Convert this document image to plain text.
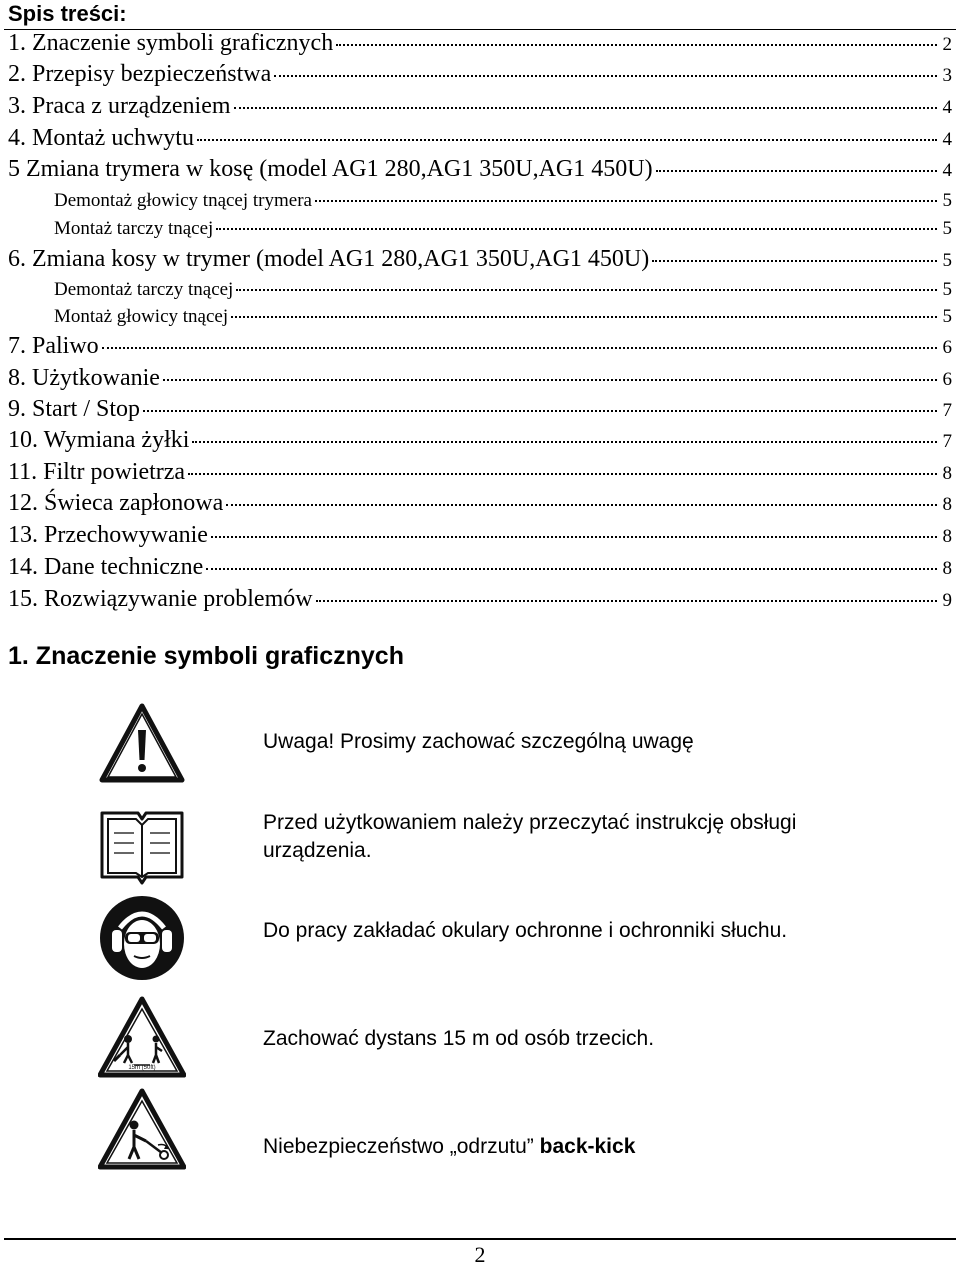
Spis treści:
1. Znaczenie symboli graficznych	2
2. Przepisy bezpieczeństwa	3
3. Praca z urządzeniem	4
4. Montaż uchwytu	4
5 Zmiana trymera w kosę (model AG1 280,AG1 350U,AG1 450U)	4
Demontaż głowicy tnącej trymera	5
Montaż tarczy tnącej	5
6. Zmiana kosy w trymer (model AG1 280,AG1 350U,AG1 450U)	5
Demontaż tarczy tnącej	5
Montaż głowicy tnącej	5
7. Paliwo	6
8. Użytkowanie	6
9. Start / Stop	7
10. Wymiana żyłki	7
11. Filtr powietrza	8
12. Świeca zapłonowa	8
13. Przechowywanie	8
14. Dane techniczne	8
15. Rozwiązywanie problemów	9
1. Znaczenie symboli graficznych
Uwaga! Prosimy zachować szczególną uwagę
Przed użytkowaniem należy przeczytać instrukcję obsługi urządzenia.
Do pracy zakładać okulary ochronne i ochronniki słuchu.
15m (50ft)
Zachować dystans 15 m od osób trzecich.
Niebezpieczeństwo „odrzutu” back-kick
2
